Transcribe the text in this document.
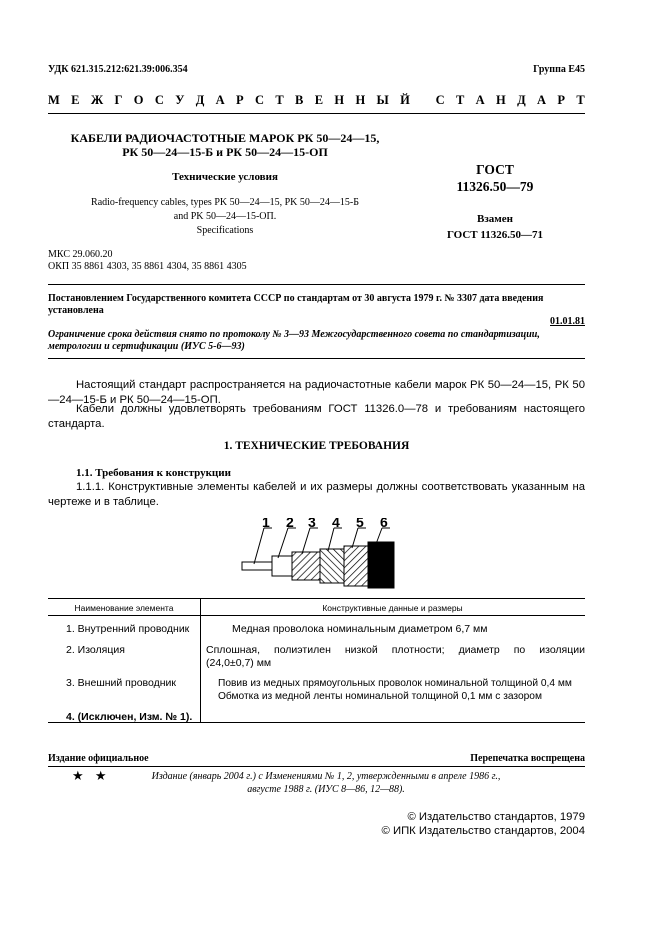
УДК 621.315.212:621.39:006.354	Группа Е45
М Е Ж Г О С У Д А Р С Т В Е Н Н Ы Й
С Т А Н Д А Р Т
КАБЕЛИ РАДИОЧАСТОТНЫЕ МАРОК РК 50—24—15,
РК 50—24—15-Б и РК 50—24—15-ОП
Технические условия
Radio-frequency cables, types PK 50—24—15, PK 50—24—15-Б
and PK 50—24—15-ОП.
Specifications
ГОСТ
11326.50—79
Взамен
ГОСТ 11326.50—71
МКС 29.060.20
ОКП 35 8861 4303, 35 8861 4304, 35 8861 4305
Постановлением Государственного комитета СССР по стандартам от 30 августа 1979 г. № 3307 дата введения установлена
01.01.81
Ограничение срока действия снято по протоколу № 3—93 Межгосударственного совета по стандартизации, метрологии и сертификации (ИУС 5-6—93)
Настоящий стандарт распространяется на радиочастотные кабели марок РК 50—24—15, РК 50—24—15-Б и РК 50—24—15-ОП.
Кабели должны удовлетворять требованиям ГОСТ 11326.0—78 и требованиям настоящего стандарта.
1. ТЕХНИЧЕСКИЕ ТРЕБОВАНИЯ
1.1. Требования к конструкции
1.1.1. Конструктивные элементы кабелей и их размеры должны соответствовать указанным на чертеже и в таблице.
1 2 3 4 5 6
Наименование элемента	Конструктивные данные и размеры
1. Внутренний проводник	Медная проволока номинальным диаметром 6,7 мм
2. Изоляция	Сплошная, полиэтилен низкой плотности; диаметр по изоляции
(24,0±0,7) мм
3. Внешний проводник	Повив из медных прямоугольных проволок номинальной толщиной 0,4 мм
Обмотка из медной ленты номинальной толщиной 0,1 мм с зазором
4. (Исключен, Изм. № 1).
Издание официальное	Перепечатка воспрещена
★ ★	Издание (январь 2004 г.) с Изменениями № 1, 2, утвержденными в апреле 1986 г.,
августе 1988 г. (ИУС 8—86, 12—88).
© Издательство стандартов, 1979
© ИПК Издательство стандартов, 2004
